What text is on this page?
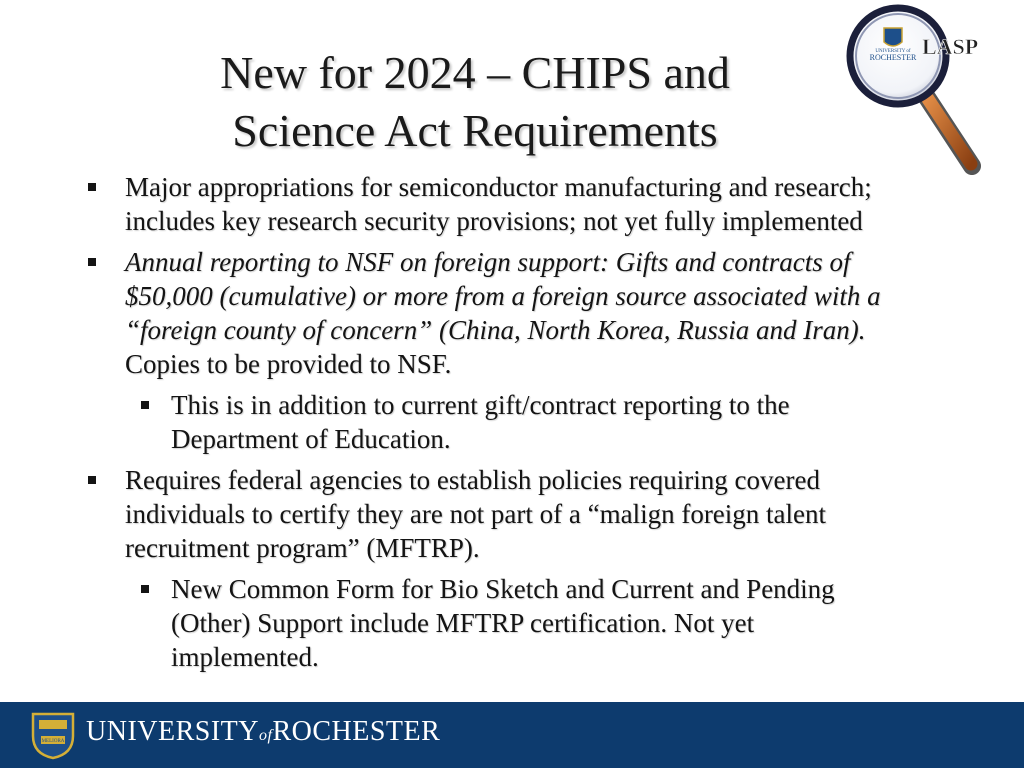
New for 2024 – CHIPS and
Science Act Requirements
UNIVERSITY of
ROCHESTER LASP
Major appropriations for semiconductor manufacturing and research;
includes key research security provisions; not yet fully implemented
Annual reporting to NSF on foreign support: Gifts and contracts of
$50,000 (cumulative) or more from a foreign source associated with a
“foreign county of concern” (China, North Korea, Russia and Iran).
Copies to be provided to NSF.
This is in addition to current gift/contract reporting to the
Department of Education.
Requires federal agencies to establish policies requiring covered
individuals to certify they are not part of a “malign foreign talent
recruitment program” (MFTRP).
New Common Form for Bio Sketch and Current and Pending
(Other) Support include MFTRP certification. Not yet
implemented.
MELIORA UNIVERSITYofROCHESTER
